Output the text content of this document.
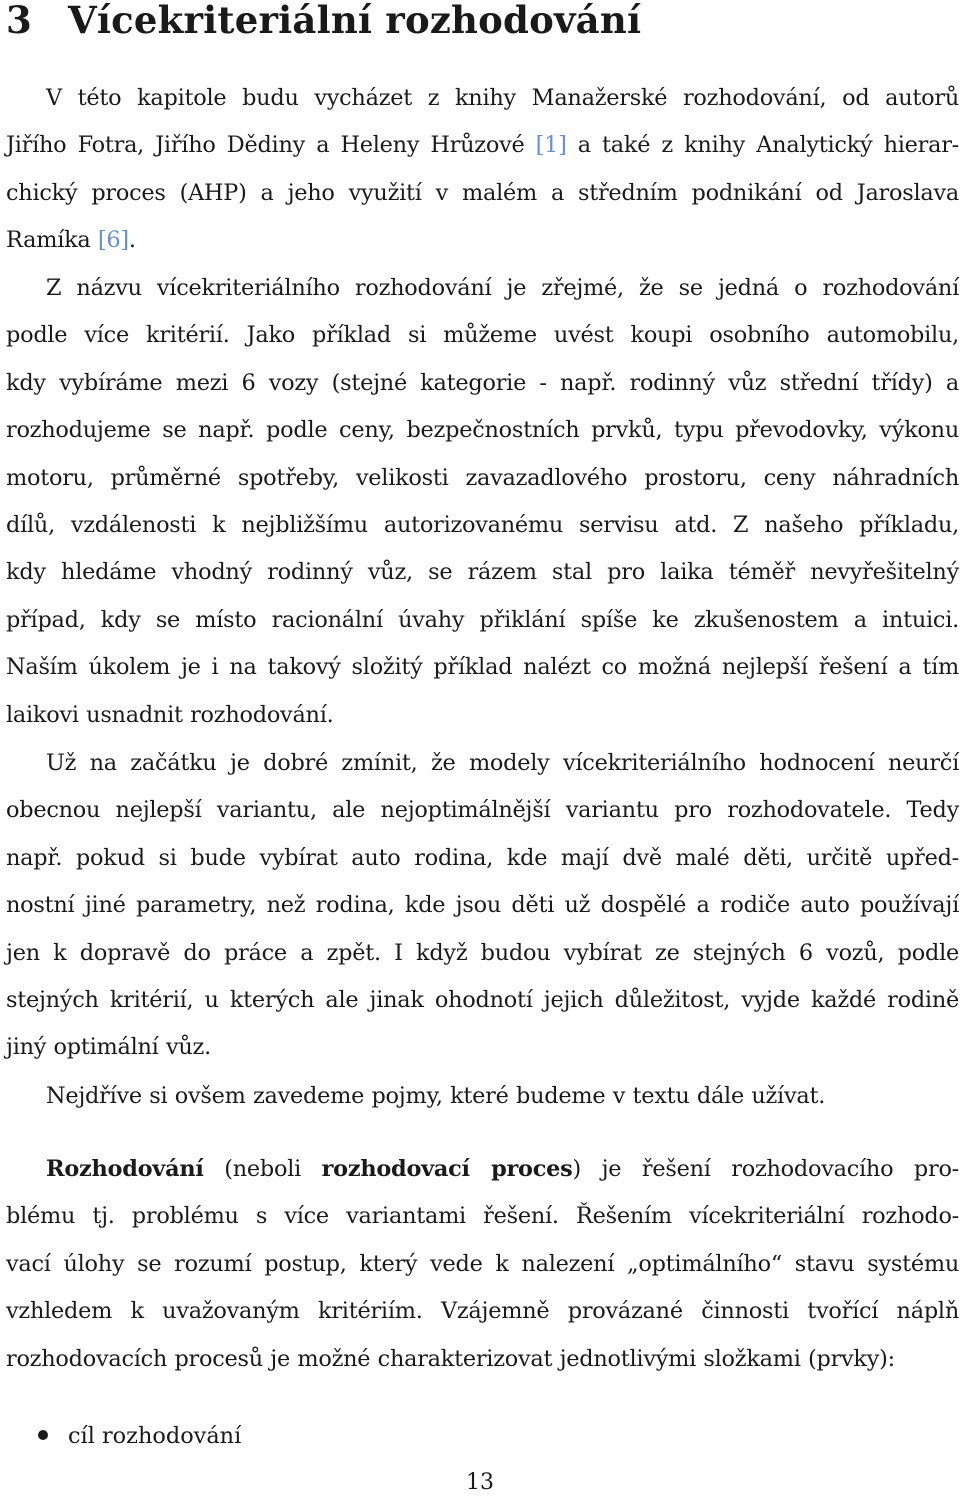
3 Vícekriteriální rozhodování

V této kapitole budu vycházet z knihy Manažerské rozhodování, od autorů
Jiřího Fotra, Jiřího Dědiny a Heleny Hrůzové [1] a také z knihy Analytický hierar-
chický proces (AHP) a jeho využití v malém a středním podnikání od Jaroslava
Ramíka [6].

Z názvu vícekriteriálního rozhodování je zřejmé, že se jedná o rozhodování
podle více kritérií. Jako příklad si můžeme uvést koupi osobního automobilu,
kdy vybíráme mezi 6 vozy (stejné kategorie - např. rodinný vůz střední třídy) a
rozhodujeme se např. podle ceny, bezpečnostních prvků, typu převodovky, výkonu
motoru, průměrné spotřeby, velikosti zavazadlového prostoru, ceny náhradních
dílů, vzdálenosti k nejbližšímu autorizovanému servisu atd. Z našeho příkladu,
kdy hledáme vhodný rodinný vůz, se rázem stal pro laika téměř nevyřešitelný
případ, kdy se místo racionální úvahy přiklání spíše ke zkušenostem a intuici.
Naším úkolem je i na takový složitý příklad nalézt co možná nejlepší řešení a tím
laikovi usnadnit rozhodování.

Už na začátku je dobré zmínit, že modely vícekriteriálního hodnocení neurčí
obecnou nejlepší variantu, ale nejoptimálnější variantu pro rozhodovatele. Tedy
např. pokud si bude vybírat auto rodina, kde mají dvě malé děti, určitě upřed-
nostní jiné parametry, než rodina, kde jsou děti už dospělé a rodiče auto používají
jen k dopravě do práce a zpět. I když budou vybírat ze stejných 6 vozů, podle
stejných kritérií, u kterých ale jinak ohodnotí jejich důležitost, vyjde každé rodině
jiný optimální vůz.

Nejdříve si ovšem zavedeme pojmy, které budeme v textu dále užívat.

Rozhodování (neboli rozhodovací proces) je řešení rozhodovacího pro-
blému tj. problému s více variantami řešení. Řešením vícekriteriální rozhodo-
vací úlohy se rozumí postup, který vede k nalezení „optimálního“ stavu systému
vzhledem k uvažovaným kritériím. Vzájemně provázané činnosti tvořící náplň
rozhodovacích procesů je možné charakterizovat jednotlivými složkami (prvky):

cíl rozhodování
13
